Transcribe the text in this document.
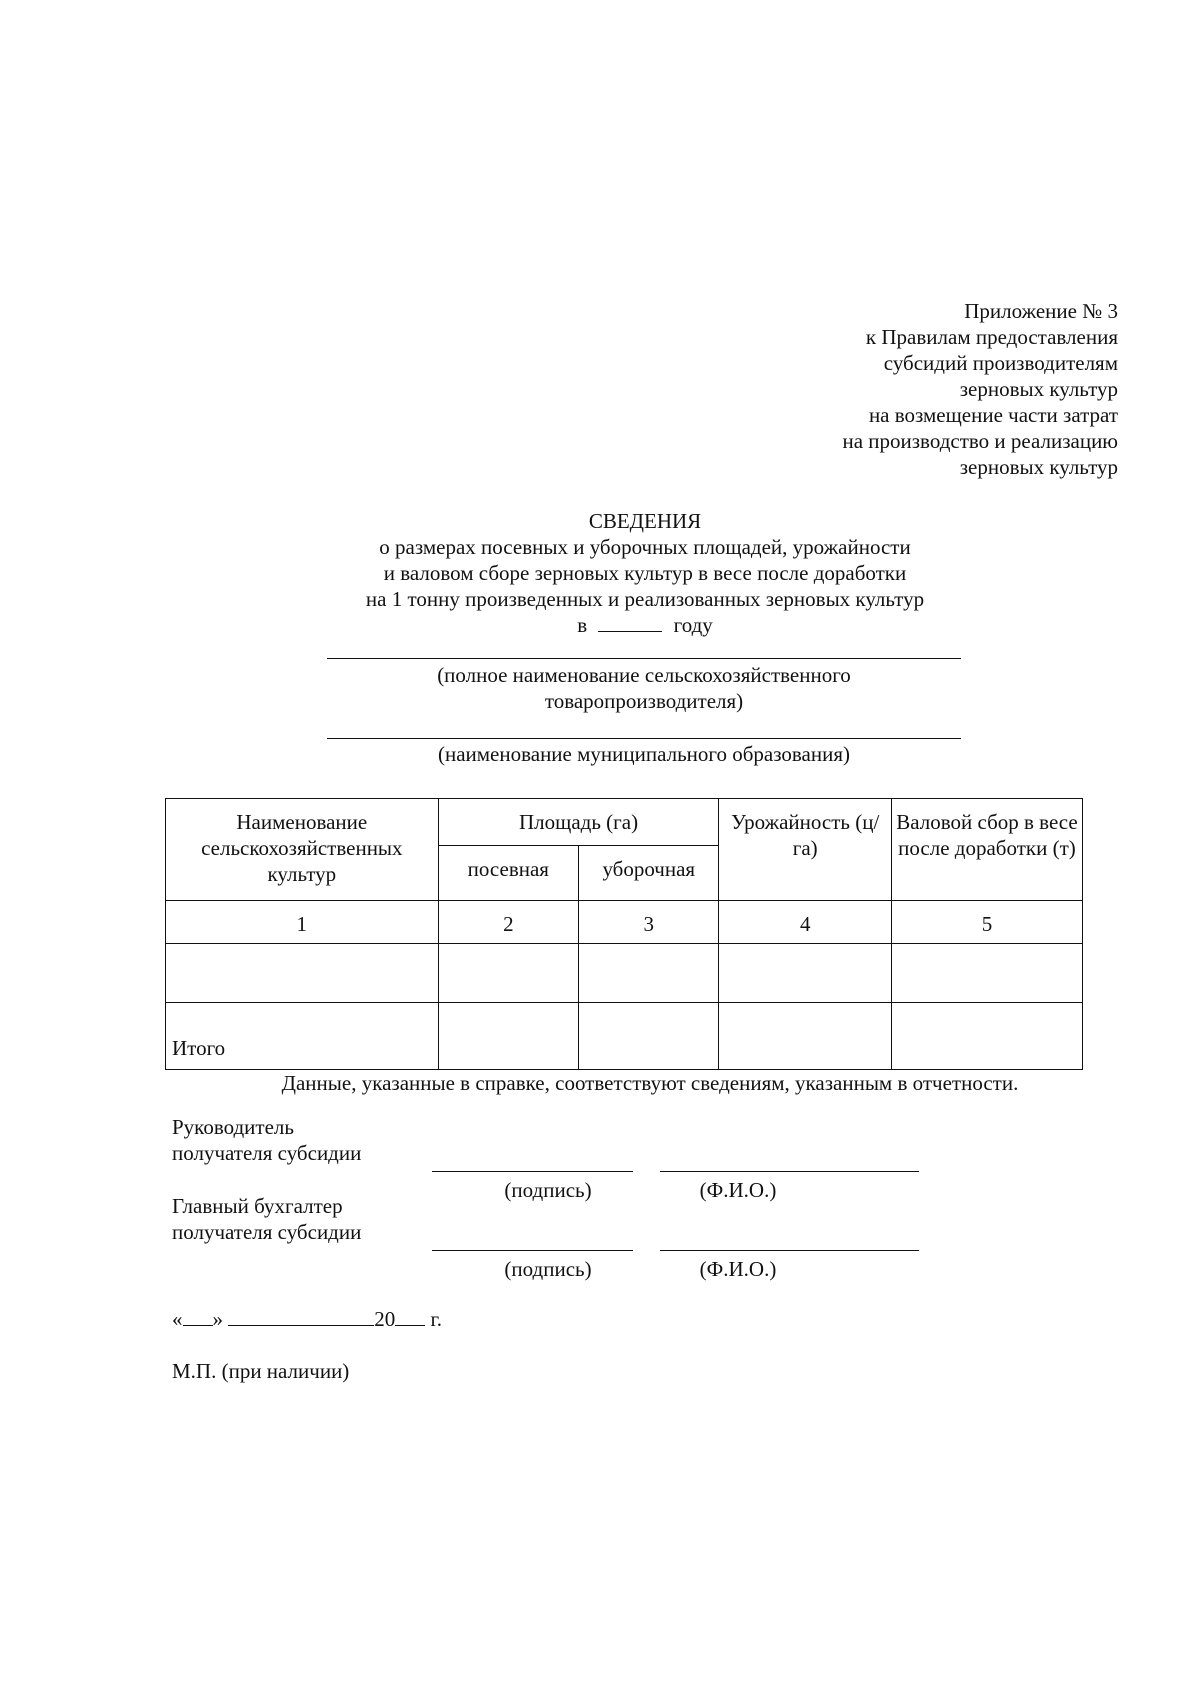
Приложение № 3
к Правилам предоставления
субсидий производителям
зерновых культур
на возмещение части затрат
на производство и реализацию
зерновых культур
СВЕДЕНИЯ
о размерах посевных и уборочных площадей, урожайности
и валовом сборе зерновых культур в весе после доработки
на 1 тонну произведенных и реализованных зерновых культур
в	году
(полное наименование сельскохозяйственного
товаропроизводителя)
(наименование муниципального образования)
Наименование сельскохозяйственных культур	Площадь (га)		Урожайность (ц/га)	Валовой сбор в весе после доработки (т)
	посевная	уборочная		
1	2	3	4	5

Итого				
Данные, указанные в справке, соответствуют сведениям, указанным в отчетности.
Руководитель
получателя субсидии
(подпись)	(Ф.И.О.)
Главный бухгалтер
получателя субсидии
(подпись)	(Ф.И.О.)
« »	20 г.
М.П. (при наличии)
